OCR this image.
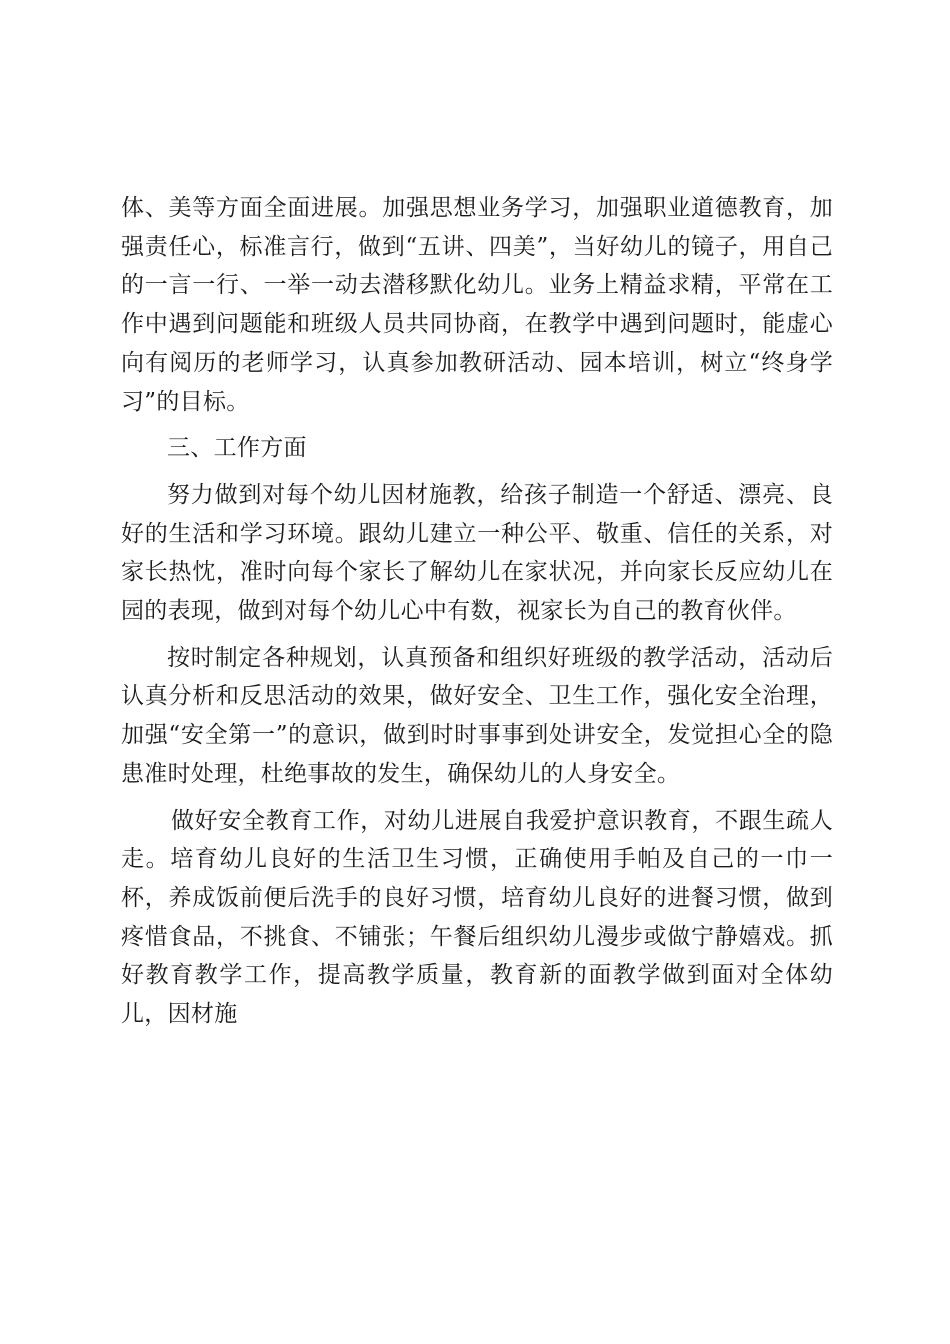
体、美等方面全面进展。加强思想业务学习，加强职业道德教育，加强责任心，标准言行，做到“五讲、四美”，当好幼儿的镜子，用自己的一言一行、一举一动去潜移默化幼儿。业务上精益求精，平常在工作中遇到问题能和班级人员共同协商，在教学中遇到问题时，能虚心向有阅历的老师学习，认真参加教研活动、园本培训，树立“终身学习”的目标。

三、工作方面

努力做到对每个幼儿因材施教，给孩子制造一个舒适、漂亮、良好的生活和学习环境。跟幼儿建立一种公平、敬重、信任的关系，对家长热忱，准时向每个家长了解幼儿在家状况，并向家长反应幼儿在园的表现，做到对每个幼儿心中有数，视家长为自己的教育伙伴。

按时制定各种规划，认真预备和组织好班级的教学活动，活动后认真分析和反思活动的效果，做好安全、卫生工作，强化安全治理，加强“安全第一”的意识，做到时时事事到处讲安全，发觉担心全的隐患准时处理，杜绝事故的发生，确保幼儿的人身安全。

做好安全教育工作，对幼儿进展自我爱护意识教育，不跟生疏人走。培育幼儿良好的生活卫生习惯，正确使用手帕及自己的一巾一杯，养成饭前便后洗手的良好习惯，培育幼儿良好的进餐习惯，做到疼惜食品，不挑食、不铺张；午餐后组织幼儿漫步或做宁静嬉戏。抓好教育教学工作，提高教学质量，教育新的面教学做到面对全体幼儿，因材施
